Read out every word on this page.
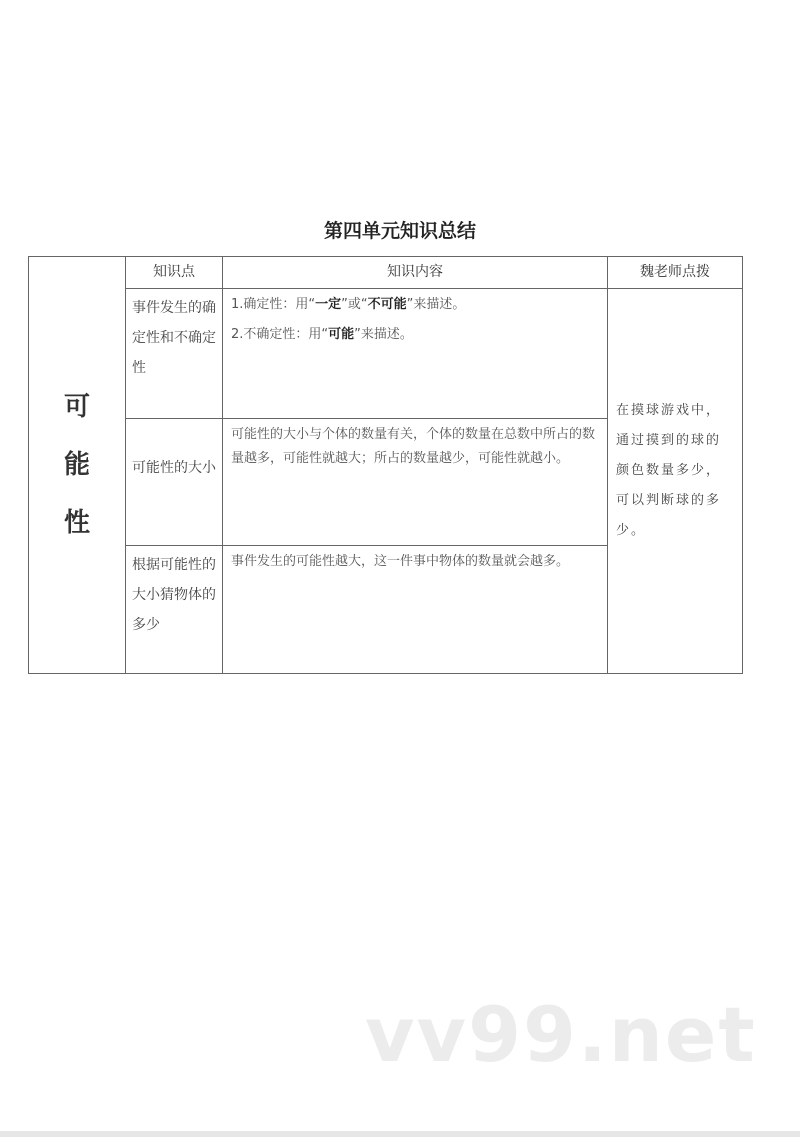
第四单元知识总结
可
能
性
知识点	知识内容	魏老师点拨
事件发生的确定性和不确定性
1.确定性：用“一定”或“不可能”来描述。
2.不确定性：用“可能”来描述。
可能性的大小
可能性的大小与个体的数量有关，个体的数量在总数中所占的数量越多，可能性就越大；所占的数量越少，可能性就越小。
根据可能性的大小猜物体的多少
事件发生的可能性越大，这一件事中物体的数量就会越多。
在摸球游戏中，通过摸到的球的颜色数量多少，可以判断球的多少。
vv99.net
